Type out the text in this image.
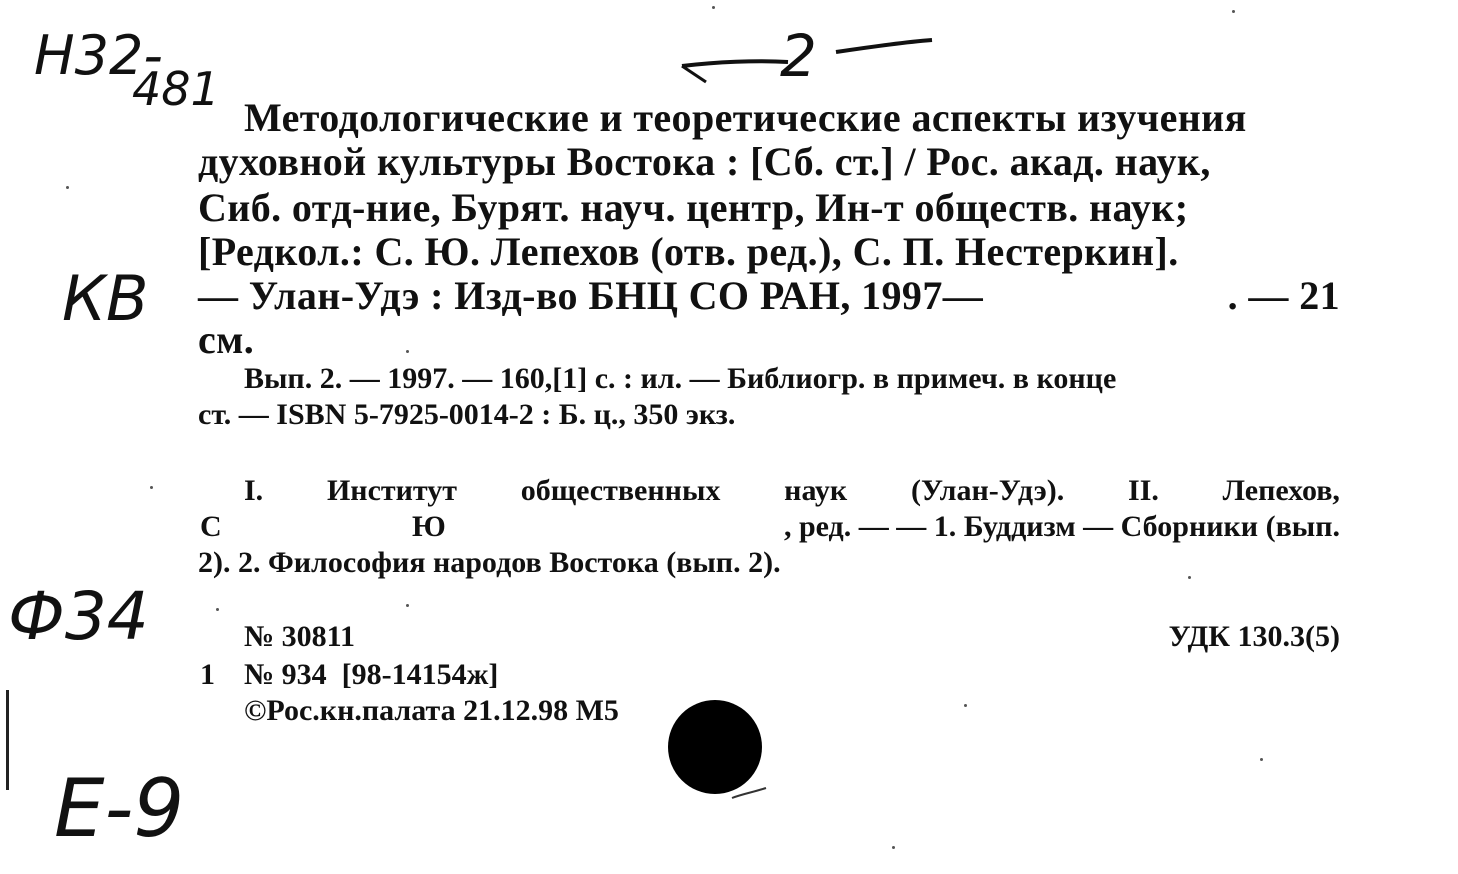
2
Н32-
481
КВ
Ф34
Е-9
Методологические и теоретические аспекты изучения
духовной культуры Востока : [Сб. ст.] / Рос. акад. наук,
Сиб. отд-ние, Бурят. науч. центр, Ин-т обществ. наук;
[Редкол.: С. Ю. Лепехов (отв. ред.), С. П. Нестеркин].
— Улан-Удэ : Изд-во БНЦ СО РАН, 1997—	. — 21
см.
Вып. 2. — 1997. — 160,[1] с. : ил. — Библиогр. в примеч. в конце
ст. — ISBN 5-7925-0014-2 : Б. ц., 350 экз.
I. Институт общественных наук (Улан-Удэ). II. Лепехов,
С	Ю	, ред. — — 1. Буддизм — Сборники (вып.
2). 2. Философия народов Востока (вып. 2).
№ 30811	УДК 130.3(5)
1 № 934  [98-14154ж]
©Рос.кн.палата 21.12.98 М5
